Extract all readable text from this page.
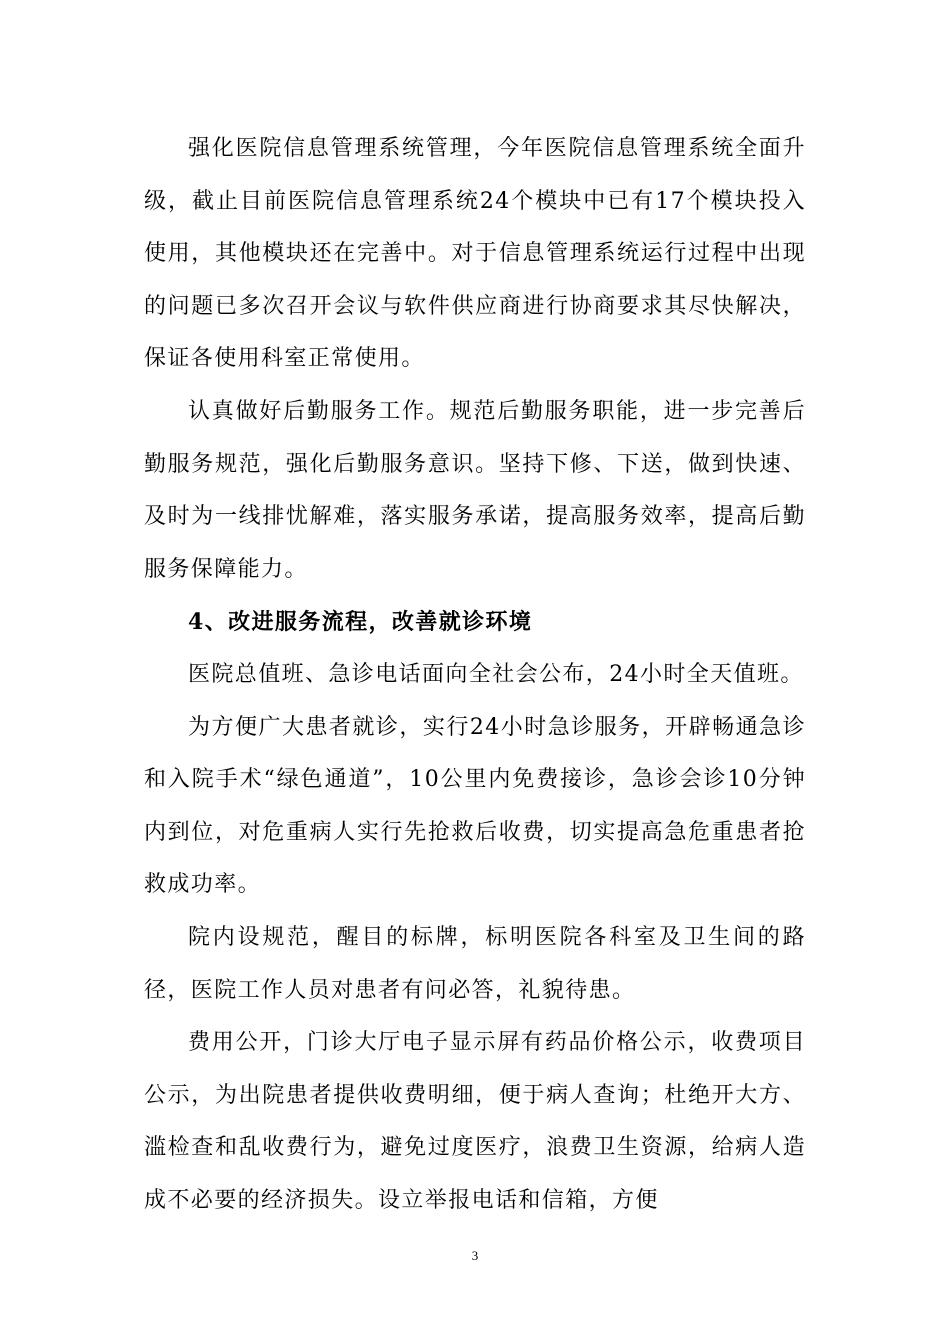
强化医院信息管理系统管理，今年医院信息管理系统全面升级，截止目前医院信息管理系统24个模块中已有17个模块投入使用，其他模块还在完善中。对于信息管理系统运行过程中出现的问题已多次召开会议与软件供应商进行协商要求其尽快解决，保证各使用科室正常使用。

认真做好后勤服务工作。规范后勤服务职能，进一步完善后勤服务规范，强化后勤服务意识。坚持下修、下送，做到快速、及时为一线排忧解难，落实服务承诺，提高服务效率，提高后勤服务保障能力。

4、改进服务流程，改善就诊环境

医院总值班、急诊电话面向全社会公布，24小时全天值班。

为方便广大患者就诊，实行24小时急诊服务，开辟畅通急诊和入院手术“绿色通道”，10公里内免费接诊，急诊会诊10分钟内到位，对危重病人实行先抢救后收费，切实提高急危重患者抢救成功率。

院内设规范，醒目的标牌，标明医院各科室及卫生间的路径，医院工作人员对患者有问必答，礼貌待患。

费用公开，门诊大厅电子显示屏有药品价格公示，收费项目公示，为出院患者提供收费明细，便于病人查询；杜绝开大方、滥检查和乱收费行为，避免过度医疗，浪费卫生资源，给病人造成不必要的经济损失。设立举报电话和信箱，方便

3
